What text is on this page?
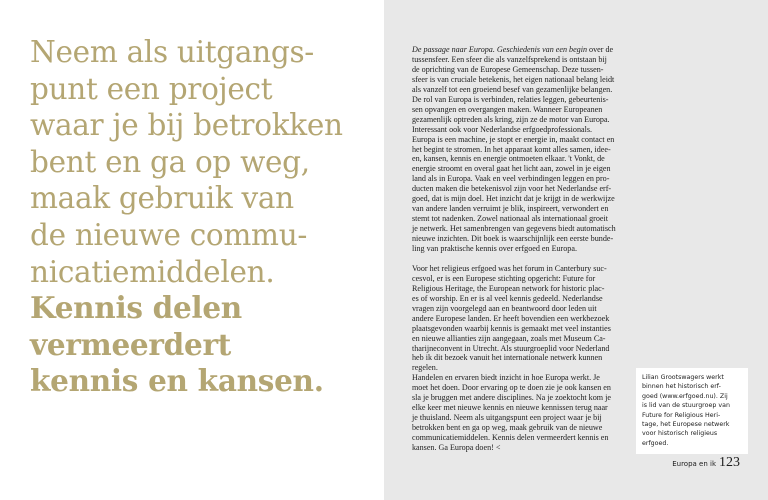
Neem als uitgangs-

punt een project

waar je bij betrokken

bent en ga op weg,

maak gebruik van

de nieuwe commu-

nicatiemiddelen.

Kennis delen

vermeerdert

kennis en kansen.

De passage naar Europa. Geschiedenis van een begin over de
tussensfeer. Een sfeer die als vanzelfsprekend is ontstaan bij
de oprichting van de Europese Gemeenschap. Deze tussen-
sfeer is van cruciale betekenis, het eigen nationaal belang leidt
als vanzelf tot een groeiend besef van gezamenlijke belangen.
De rol van Europa is verbinden, relaties leggen, gebeurtenis-
sen opvangen en overgangen maken. Wanneer Europeanen
gezamenlijk optreden als kring, zijn ze de motor van Europa.
Interessant ook voor Nederlandse erfgoedprofessionals.
Europa is een machine, je stopt er energie in, maakt contact en
het begint te stromen. In het apparaat komt alles samen, idee-
en, kansen, kennis en energie ontmoeten elkaar. 't Vonkt, de
energie stroomt en overal gaat het licht aan, zowel in je eigen
land als in Europa. Vaak en veel verbindingen leggen en pro-
ducten maken die betekenisvol zijn voor het Nederlandse erf-
goed, dat is mijn doel. Het inzicht dat je krijgt in de werkwijze
van andere landen verruimt je blik, inspireert, verwondert en
stemt tot nadenken. Zowel nationaal als internationaal groeit
je netwerk. Het samenbrengen van gegevens biedt automatisch
nieuwe inzichten. Dit boek is waarschijnlijk een eerste bunde-
ling van praktische kennis over erfgoed en Europa.

Voor het religieus erfgoed was het forum in Canterbury suc-
cesvol, er is een Europese stichting opgericht: Future for
Religious Heritage, the European network for historic plac-
es of worship. En er is al veel kennis gedeeld. Nederlandse
vragen zijn voorgelegd aan en beantwoord door leden uit
andere Europese landen. Er heeft bovendien een werkbezoek
plaatsgevonden waarbij kennis is gemaakt met veel instanties
en nieuwe allianties zijn aangegaan, zoals met Museum Ca-
tharijneconvent in Utrecht. Als stuurgroeplid voor Nederland
heb ik dit bezoek vanuit het internationale netwerk kunnen
regelen.
Handelen en ervaren biedt inzicht in hoe Europa werkt. Je
moet het doen. Door ervaring op te doen zie je ook kansen en
sla je bruggen met andere disciplines. Na je zoektocht kom je
elke keer met nieuwe kennis en nieuwe kennissen terug naar
je thuisland. Neem als uitgangspunt een project waar je bij
betrokken bent en ga op weg, maak gebruik van de nieuwe
communicatiemiddelen. Kennis delen vermeerdert kennis en
kansen. Ga Europa doen! <

Lilian Grootswagers werkt
binnen het historisch erf-
goed (www.erfgoed.nu). Zij
is lid van de stuurgroep van
Future for Religious Heri-
tage, het Europese netwerk
voor historisch religieus
erfgoed.
Europa en ik 123
